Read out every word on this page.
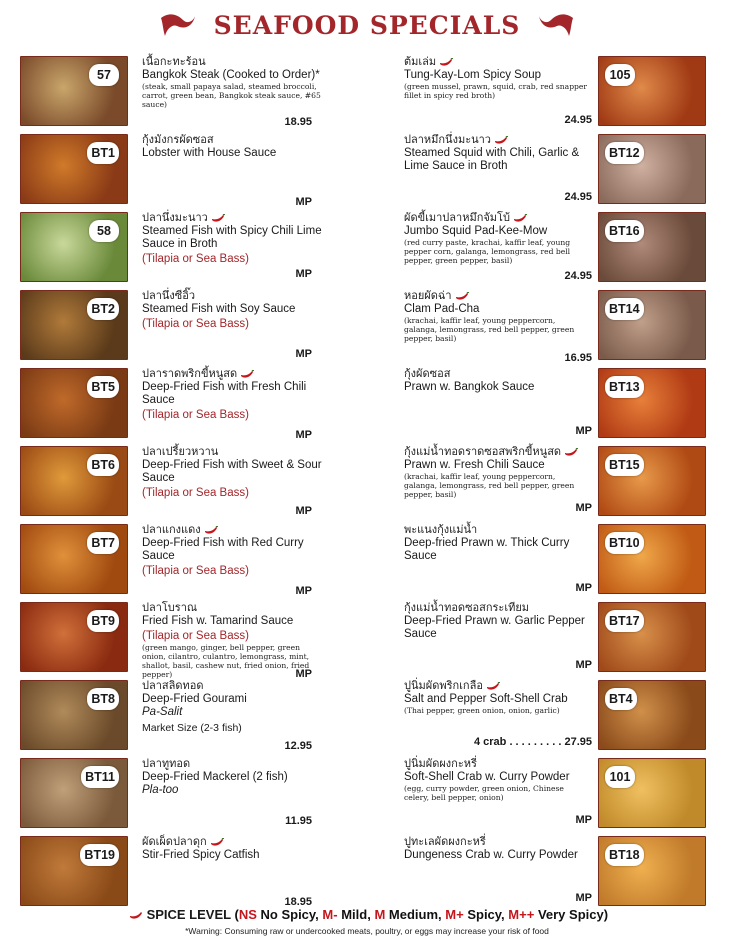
SEAFOOD SPECIALS
57
เนื้อกะทะร้อน
Bangkok Steak (Cooked to Order)*
(steak, small papaya salad, steamed broccoli, carrot, green bean, Bangkok steak sauce, #65 sauce)
18.95
BT1
กุ้งมังกรผัดซอส
Lobster with House Sauce
MP
58
ปลานึ่งมะนาว
Steamed Fish with Spicy Chili Lime Sauce in Broth
(Tilapia or Sea Bass)
MP
BT2
ปลานึ่งซีอิ๊ว
Steamed Fish with Soy Sauce
(Tilapia or Sea Bass)
MP
BT5
ปลาราดพริกขี้หนูสด
Deep-Fried Fish with Fresh Chili Sauce
(Tilapia or Sea Bass)
MP
BT6
ปลาเปรี้ยวหวาน
Deep-Fried Fish with Sweet & Sour Sauce
(Tilapia or Sea Bass)
MP
BT7
ปลาแกงแดง
Deep-Fried Fish with Red Curry Sauce
(Tilapia or Sea Bass)
MP
BT9
ปลาโบราณ
Fried Fish w. Tamarind Sauce
(Tilapia or Sea Bass)
(green mango, ginger, bell pepper, green onion, cilantro, culantro, lemongrass, mint, shallot, basil, cashew nut, fried onion, fried pepper)	MP
BT8
ปลาสลิดทอด
Deep-Fried Gourami
Pa-Salit
Market Size (2-3 fish)
12.95
BT11
ปลาทูทอด
Deep-Fried Mackerel (2 fish)
Pla-too
11.95
BT19
ผัดเผ็ดปลาดุก
Stir-Fried Spicy Catfish
18.95
105
ต้มเล่ม
Tung-Kay-Lom Spicy Soup
(green mussel, prawn, squid, crab, red snapper fillet in spicy red broth)
24.95
BT12
ปลาหมึกนึ่งมะนาว
Steamed Squid with Chili, Garlic & Lime Sauce in Broth
24.95
BT16
ผัดขี้เมาปลาหมึกจัมโบ้
Jumbo Squid Pad-Kee-Mow
(red curry paste, krachai, kaffir leaf, young pepper corn, galanga, lemongrass, red bell pepper, green pepper, basil)
24.95
BT14
หอยผัดฉ่า
Clam Pad-Cha
(krachai, kaffir leaf, young peppercorn, galanga, lemongrass, red bell pepper, green pepper, basil)
16.95
BT13
กุ้งผัดซอส
Prawn w. Bangkok Sauce
MP
BT15
กุ้งแม่น้ำทอดราดซอสพริกขี้หนูสด
Prawn w. Fresh Chili Sauce
(krachai, kaffir leaf, young peppercorn, galanga, lemongrass, red bell pepper, green pepper, basil)
MP
BT10
พะแนงกุ้งแม่น้ำ
Deep-fried Prawn w. Thick Curry Sauce
MP
BT17
กุ้งแม่น้ำทอดซอสกระเทียม
Deep-Fried Prawn w. Garlic Pepper Sauce
MP
BT4
ปูนิ่มผัดพริกเกลือ
Salt and Pepper Soft-Shell Crab
(Thai pepper, green onion, onion, garlic)
4 crab . . . . . . . . . 27.95
101
ปูนิ่มผัดผงกะหรี่
Soft-Shell Crab w. Curry Powder
(egg, curry powder, green onion, Chinese celery, bell pepper, onion)
MP
BT18
ปูทะเลผัดผงกะหรี่
Dungeness Crab w. Curry Powder
MP
SPICE LEVEL (NS No Spicy, M- Mild, M Medium, M+ Spicy, M++ Very Spicy)
*Warning: Consuming raw or undercooked meats, poultry, or eggs may increase your risk of food
